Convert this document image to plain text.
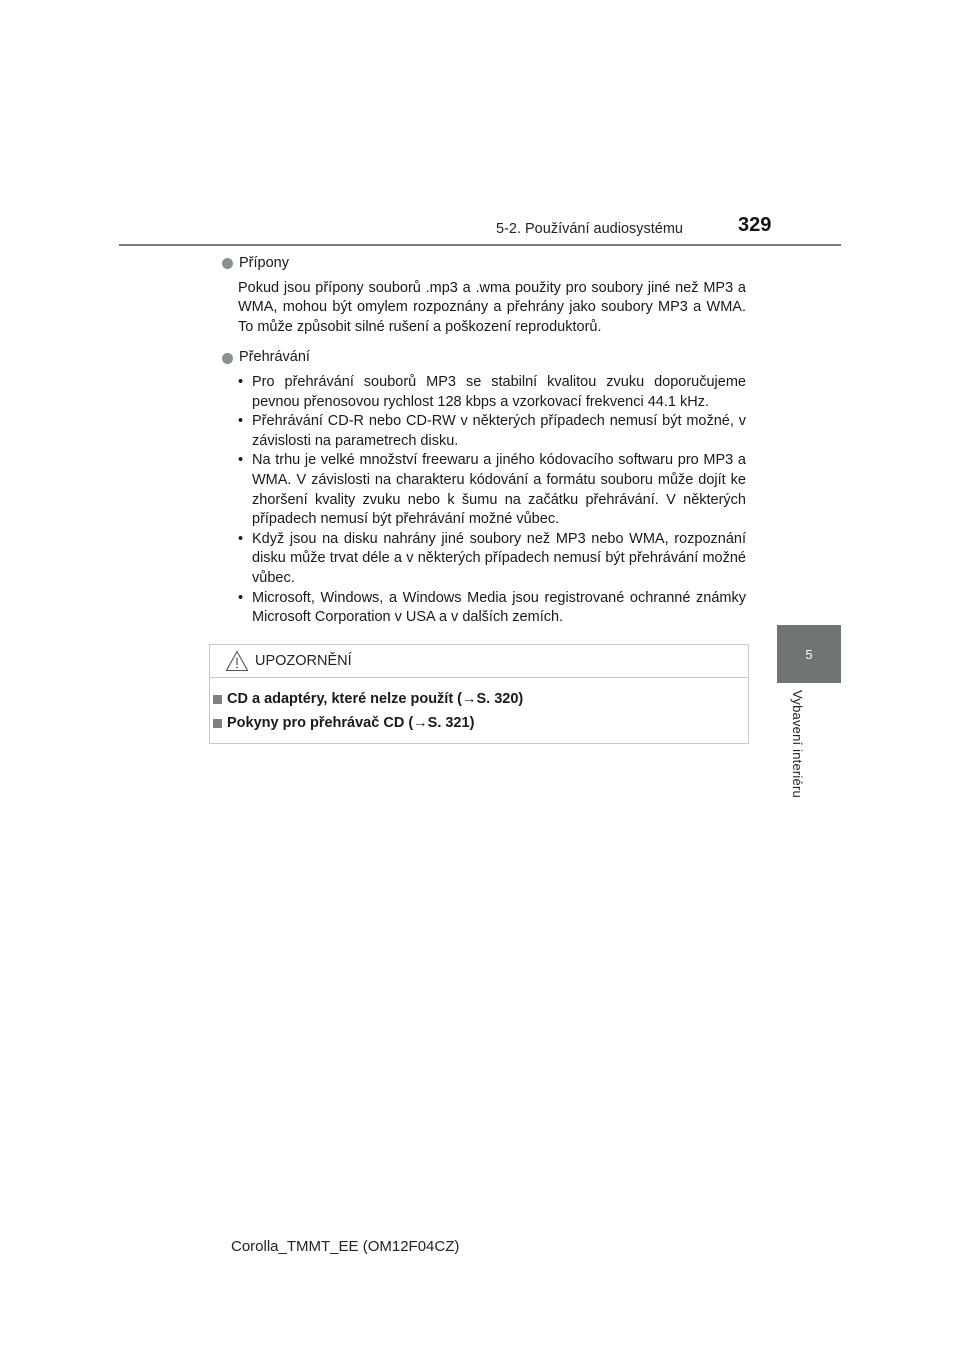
5-2. Používání audiosystému	329
5
Vybavení interiéru
Přípony

Pokud jsou přípony souborů .mp3 a .wma použity pro soubory jiné než MP3 a WMA, mohou být omylem rozpoznány a přehrány jako soubory MP3 a WMA. To může způsobit silné rušení a poškození reproduktorů.

Přehrávání
• Pro přehrávání souborů MP3 se stabilní kvalitou zvuku doporučujeme pevnou přenosovou rychlost 128 kbps a vzorkovací frekvenci 44.1 kHz.
• Přehrávání CD-R nebo CD-RW v některých případech nemusí být možné, v závislosti na parametrech disku.
• Na trhu je velké množství freewaru a jiného kódovacího softwaru pro MP3 a WMA. V závislosti na charakteru kódování a formátu souboru může dojít ke zhoršení kvality zvuku nebo k šumu na začátku přehrávání. V některých případech nemusí být přehrávání možné vůbec.
• Když jsou na disku nahrány jiné soubory než MP3 nebo WMA, rozpoznání disku může trvat déle a v některých případech nemusí být přehrávání možné vůbec.
• Microsoft, Windows, a Windows Media jsou registrované ochranné známky Microsoft Corporation v USA a v dalších zemích.
UPOZORNĚNÍ
CD a adaptéry, které nelze použít (→S. 320)
Pokyny pro přehrávač CD (→S. 321)
Corolla_TMMT_EE (OM12F04CZ)
